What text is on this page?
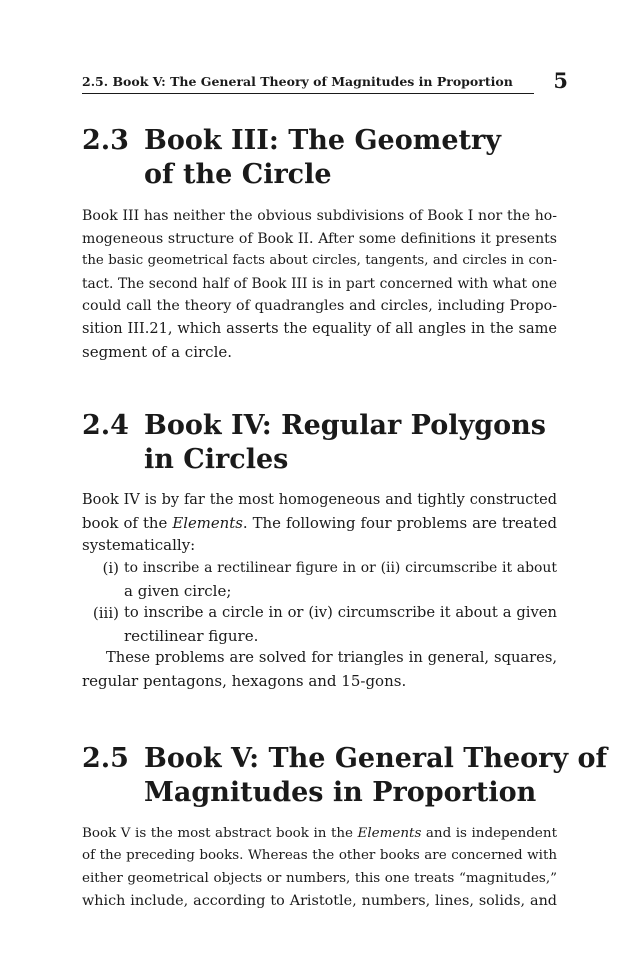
2.5. Book V: The General Theory of Magnitudes in Proportion 5
2.3 Book III: The Geometry
of the Circle
Book III has neither the obvious subdivisions of Book I nor the ho-
mogeneous structure of Book II. After some definitions it presents
the basic geometrical facts about circles, tangents, and circles in con-
tact. The second half of Book III is in part concerned with what one
could call the theory of quadrangles and circles, including Propo-
sition III.21, which asserts the equality of all angles in the same
segment of a circle.
2.4 Book IV: Regular Polygons
in Circles
Book IV is by far the most homogeneous and tightly constructed
book of the Elements. The following four problems are treated
systematically:
(i) to inscribe a rectilinear figure in or (ii) circumscribe it about
a given circle;
(iii) to inscribe a circle in or (iv) circumscribe it about a given
rectilinear figure.
These problems are solved for triangles in general, squares,
regular pentagons, hexagons and 15-gons.
2.5 Book V: The General Theory of
Magnitudes in Proportion
Book V is the most abstract book in the Elements and is independent
of the preceding books. Whereas the other books are concerned with
either geometrical objects or numbers, this one treats “magnitudes,”
which include, according to Aristotle, numbers, lines, solids, and
